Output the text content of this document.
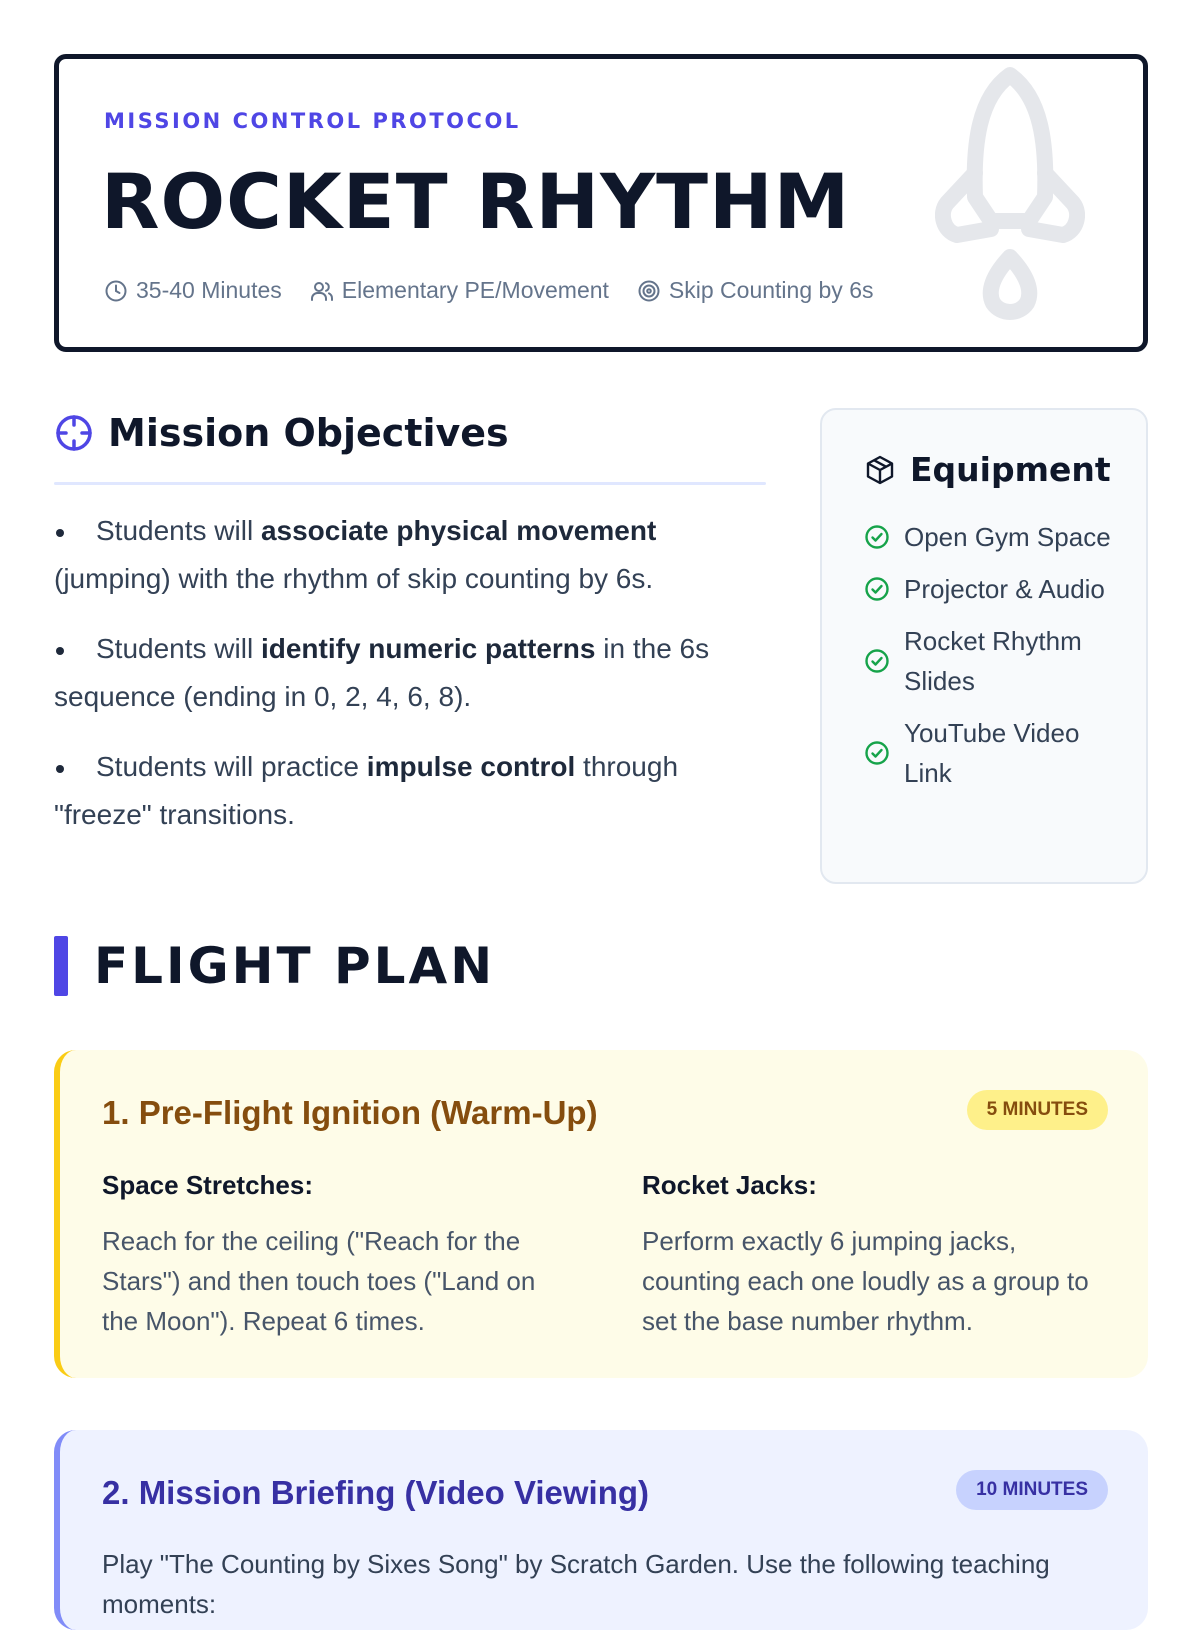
MISSION CONTROL PROTOCOL
ROCKET RHYTHM
35-40 Minutes	Elementary PE/Movement	Skip Counting by 6s
Mission Objectives
Students will associate physical movement (jumping) with the rhythm of skip counting by 6s.
Students will identify numeric patterns in the 6s sequence (ending in 0, 2, 4, 6, 8).
Students will practice impulse control through "freeze" transitions.
Equipment
Open Gym Space
Projector & Audio
Rocket Rhythm Slides
YouTube Video Link
FLIGHT PLAN
1. Pre-Flight Ignition (Warm-Up)	5 MINUTES
Space Stretches:

Reach for the ceiling ("Reach for the Stars") and then touch toes ("Land on the Moon"). Repeat 6 times.

Rocket Jacks:

Perform exactly 6 jumping jacks, counting each one loudly as a group to set the base number rhythm.

2. Mission Briefing (Video Viewing)	10 MINUTES

Play "The Counting by Sixes Song" by Scratch Garden. Use the following teaching moments:
